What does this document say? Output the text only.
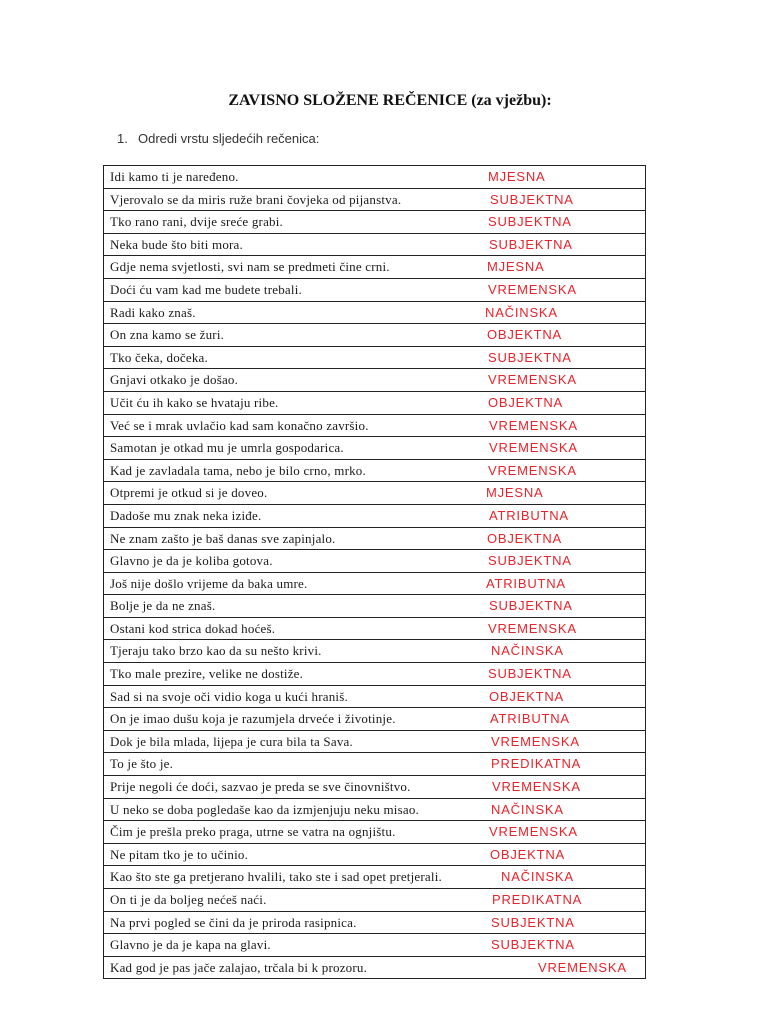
ZAVISNO SLOŽENE REČENICE (za vježbu):
1. Odredi vrstu sljedećih rečenica:
Idi kamo ti je naređeno.	MJESNA
Vjerovalo se da miris ruže brani čovjeka od pijanstva.	SUBJEKTNA
Tko rano rani, dvije sreće grabi.	SUBJEKTNA
Neka bude što biti mora.	SUBJEKTNA
Gdje nema svjetlosti, svi nam se predmeti čine crni.	MJESNA
Doći ću vam kad me budete trebali.	VREMENSKA
Radi kako znaš.	NAČINSKA
On zna kamo se žuri.	OBJEKTNA
Tko čeka, dočeka.	SUBJEKTNA
Gnjavi otkako je došao.	VREMENSKA
Učit ću ih kako se hvataju ribe.	OBJEKTNA
Već se i mrak uvlačio kad sam konačno završio.	VREMENSKA
Samotan je otkad mu je umrla gospodarica.	VREMENSKA
Kad je zavladala tama, nebo je bilo crno, mrko.	VREMENSKA
Otpremi je otkud si je doveo.	MJESNA
Dadoše mu znak neka iziđe.	ATRIBUTNA
Ne znam zašto je baš danas sve zapinjalo.	OBJEKTNA
Glavno je da je koliba gotova.	SUBJEKTNA
Još nije došlo vrijeme da baka umre.	ATRIBUTNA
Bolje je da ne znaš.	SUBJEKTNA
Ostani kod strica dokad hoćeš.	VREMENSKA
Tjeraju tako brzo kao da su nešto krivi.	NAČINSKA
Tko male prezire, velike ne dostiže.	SUBJEKTNA
Sad si na svoje oči vidio koga u kući hraniš.	OBJEKTNA
On je imao dušu koja je razumjela drveće i životinje.	ATRIBUTNA
Dok je bila mlada, lijepa je cura bila ta Sava.	VREMENSKA
To je što je.	PREDIKATNA
Prije negoli će doći, sazvao je preda se sve činovništvo.	VREMENSKA
U neko se doba pogledaše kao da izmjenjuju neku misao.	NAČINSKA
Čim je prešla preko praga, utrne se vatra na ognjištu.	VREMENSKA
Ne pitam tko je to učinio.	OBJEKTNA
Kao što ste ga pretjerano hvalili, tako ste i sad opet pretjerali.	NAČINSKA
On ti je da boljeg nećeš naći.	PREDIKATNA
Na prvi pogled se čini da je priroda rasipnica.	SUBJEKTNA
Glavno je da je kapa na glavi.	SUBJEKTNA
Kad god je pas jače zalajao, trčala bi k prozoru.	VREMENSKA
